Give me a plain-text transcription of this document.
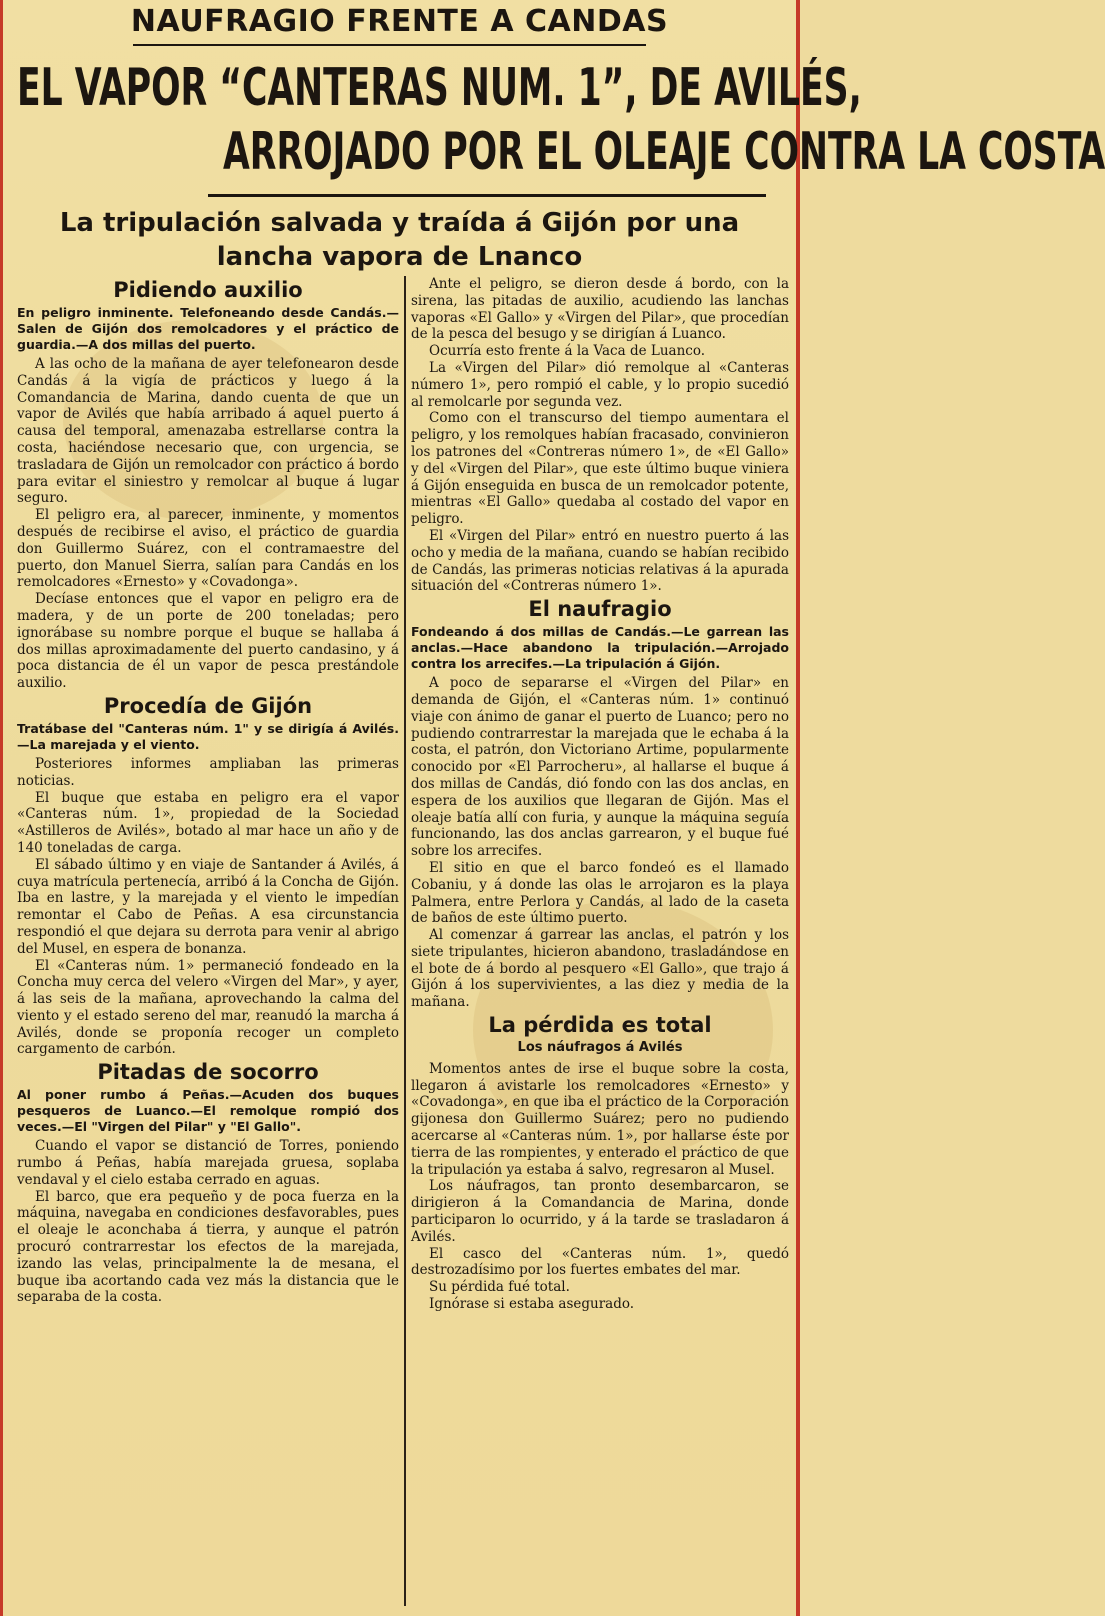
NAUFRAGIO FRENTE A CANDAS
EL VAPOR “CANTERAS NUM. 1”, DE AVILÉS,
ARROJADO POR EL OLEAJE CONTRA LA COSTA
La tripulación salvada y traída á Gijón por una
lancha vapora de Lnanco
Pidiendo auxilio

En peligro inminente. Telefoneando desde Candás.—Salen de Gijón dos remolcadores y el práctico de guardia.—A dos millas del puerto.

A las ocho de la mañana de ayer telefonearon desde Candás á la vigía de prácticos y luego á la Comandancia de Marina, dando cuenta de que un vapor de Avilés que había arribado á aquel puerto á causa del temporal, amenazaba estrellarse contra la costa, haciéndose necesario que, con urgencia, se trasladara de Gijón un remolcador con práctico á bordo para evitar el siniestro y remolcar al buque á lugar seguro.

El peligro era, al parecer, inminente, y momentos después de recibirse el aviso, el práctico de guardia don Guillermo Suárez, con el contramaestre del puerto, don Manuel Sierra, salían para Candás en los remolcadores «Ernesto» y «Covadonga».

Decíase entonces que el vapor en peligro era de madera, y de un porte de 200 toneladas; pero ignorábase su nombre porque el buque se hallaba á dos millas aproximadamente del puerto candasino, y á poca distancia de él un vapor de pesca prestándole auxilio.

Procedía de Gijón

Tratábase del "Canteras núm. 1" y se dirigía á Avilés.—La marejada y el viento.

Posteriores informes ampliaban las primeras noticias.

El buque que estaba en peligro era el vapor «Canteras núm. 1», propiedad de la Sociedad «Astilleros de Avilés», botado al mar hace un año y de 140 toneladas de carga.

El sábado último y en viaje de Santander á Avilés, á cuya matrícula pertenecía, arribó á la Concha de Gijón. Iba en lastre, y la marejada y el viento le impedían remontar el Cabo de Peñas. A esa circunstancia respondió el que dejara su derrota para venir al abrigo del Musel, en espera de bonanza.

El «Canteras núm. 1» permaneció fondeado en la Concha muy cerca del velero «Virgen del Mar», y ayer, á las seis de la mañana, aprovechando la calma del viento y el estado sereno del mar, reanudó la marcha á Avilés, donde se proponía recoger un completo cargamento de carbón.

Pitadas de socorro

Al poner rumbo á Peñas.—Acuden dos buques pesqueros de Luanco.—El remolque rompió dos veces.—El "Virgen del Pilar" y "El Gallo".

Cuando el vapor se distanció de Torres, poniendo rumbo á Peñas, había marejada gruesa, soplaba vendaval y el cielo estaba cerrado en aguas.

El barco, que era pequeño y de poca fuerza en la máquina, navegaba en condiciones desfavorables, pues el oleaje le aconchaba á tierra, y aunque el patrón procuró contrarrestar los efectos de la marejada, izando las velas, principalmente la de mesana, el buque iba acortando cada vez más la distancia que le separaba de la costa.

Ante el peligro, se dieron desde á bordo, con la sirena, las pitadas de auxilio, acudiendo las lanchas vaporas «El Gallo» y «Virgen del Pilar», que procedían de la pesca del besugo y se dirigían á Luanco.

Ocurría esto frente á la Vaca de Luanco.

La «Virgen del Pilar» dió remolque al «Canteras número 1», pero rompió el cable, y lo propio sucedió al remolcarle por segunda vez.

Como con el transcurso del tiempo aumentara el peligro, y los remolques habían fracasado, convinieron los patrones del «Contreras número 1», de «El Gallo» y del «Virgen del Pilar», que este último buque viniera á Gijón enseguida en busca de un remolcador potente, mientras «El Gallo» quedaba al costado del vapor en peligro.

El «Virgen del Pilar» entró en nuestro puerto á las ocho y media de la mañana, cuando se habían recibido de Candás, las primeras noticias relativas á la apurada situación del «Contreras número 1».

El naufragio

Fondeando á dos millas de Candás.—Le garrean las anclas.—Hace abandono la tripulación.—Arrojado contra los arrecifes.—La tripulación á Gijón.

A poco de separarse el «Virgen del Pilar» en demanda de Gijón, el «Canteras núm. 1» continuó viaje con ánimo de ganar el puerto de Luanco; pero no pudiendo contrarrestar la marejada que le echaba á la costa, el patrón, don Victoriano Artime, popularmente conocido por «El Parrocheru», al hallarse el buque á dos millas de Candás, dió fondo con las dos anclas, en espera de los auxilios que llegaran de Gijón. Mas el oleaje batía allí con furia, y aunque la máquina seguía funcionando, las dos anclas garrearon, y el buque fué sobre los arrecifes.

El sitio en que el barco fondeó es el llamado Cobaniu, y á donde las olas le arrojaron es la playa Palmera, entre Perlora y Candás, al lado de la caseta de baños de este último puerto.

Al comenzar á garrear las anclas, el patrón y los siete tripulantes, hicieron abandono, trasladándose en el bote de á bordo al pesquero «El Gallo», que trajo á Gijón á los supervivientes, a las diez y media de la mañana.

La pérdida es total
Los náufragos á Avilés

Momentos antes de irse el buque sobre la costa, llegaron á avistarle los remolcadores «Ernesto» y «Covadonga», en que iba el práctico de la Corporación gijonesa don Guillermo Suárez; pero no pudiendo acercarse al «Canteras núm. 1», por hallarse éste por tierra de las rompientes, y enterado el práctico de que la tripulación ya estaba á salvo, regresaron al Musel.

Los náufragos, tan pronto desembarcaron, se dirigieron á la Comandancia de Marina, donde participaron lo ocurrido, y á la tarde se trasladaron á Avilés.

El casco del «Canteras núm. 1», quedó destrozadísimo por los fuertes embates del mar.

Su pérdida fué total.

Ignórase si estaba asegurado.
